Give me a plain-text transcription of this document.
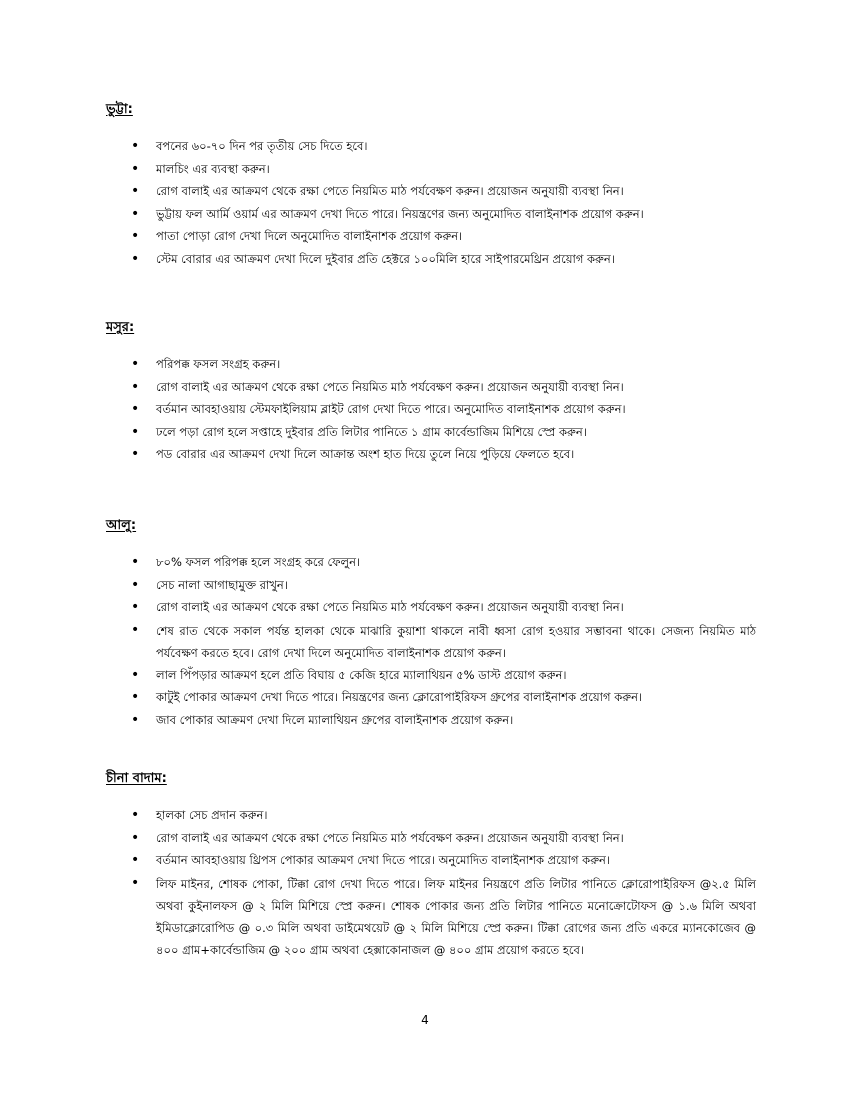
ভুট্টা:
• বপনের ৬০-৭০ দিন পর তৃতীয় সেচ দিতে হবে।
• মালচিং এর ব্যবস্থা করুন।
• রোগ বালাই এর আক্রমণ থেকে রক্ষা পেতে নিয়মিত মাঠ পর্যবেক্ষণ করুন। প্রয়োজন অনুযায়ী ব্যবস্থা নিন।
• ভুট্টায় ফল আর্মি ওয়ার্ম এর আক্রমণ দেখা দিতে পারে। নিয়ন্ত্রণের জন্য অনুমোদিত বালাইনাশক প্রয়োগ করুন।
• পাতা পোড়া রোগ দেখা দিলে অনুমোদিত বালাইনাশক প্রয়োগ করুন।
• স্টেম বোরার এর আক্রমণ দেখা দিলে দুইবার প্রতি হেক্টরে ১০০মিলি হারে সাইপারমেথ্রিন প্রয়োগ করুন।
মসুর:
• পরিপক্ক ফসল সংগ্রহ করুন।
• রোগ বালাই এর আক্রমণ থেকে রক্ষা পেতে নিয়মিত মাঠ পর্যবেক্ষণ করুন। প্রয়োজন অনুযায়ী ব্যবস্থা নিন।
• বর্তমান আবহাওয়ায় স্টেমফাইলিয়াম ব্লাইট রোগ দেখা দিতে পারে। অনুমোদিত বালাইনাশক প্রয়োগ করুন।
• ঢলে পড়া রোগ হলে সপ্তাহে দুইবার প্রতি লিটার পানিতে ১ গ্রাম কার্বেন্ডাজিম মিশিয়ে স্প্রে করুন।
• পড বোরার এর আক্রমণ দেখা দিলে আক্রান্ত অংশ হাত দিয়ে তুলে নিয়ে পুড়িয়ে ফেলতে হবে।
আলু:
• ৮০% ফসল পরিপক্ক হলে সংগ্রহ করে ফেলুন।
• সেচ নালা আগাছামুক্ত রাখুন।
• রোগ বালাই এর আক্রমণ থেকে রক্ষা পেতে নিয়মিত মাঠ পর্যবেক্ষণ করুন। প্রয়োজন অনুযায়ী ব্যবস্থা নিন।
• শেষ রাত থেকে সকাল পর্যন্ত হালকা থেকে মাঝারি কুয়াশা থাকলে নাবী ধ্বসা রোগ হওয়ার সম্ভাবনা থাকে। সেজন্য নিয়মিত মাঠ পর্যবেক্ষণ করতে হবে। রোগ দেখা দিলে অনুমোদিত বালাইনাশক প্রয়োগ করুন।
• লাল পিঁপড়ার আক্রমণ হলে প্রতি বিঘায় ৫ কেজি হারে ম্যালাথিয়ন ৫% ডাস্ট প্রয়োগ করুন।
• কাটুই পোকার আক্রমণ দেখা দিতে পারে। নিয়ন্ত্রণের জন্য ক্লোরোপাইরিফস গ্রুপের বালাইনাশক প্রয়োগ করুন।
• জাব পোকার আক্রমণ দেখা দিলে ম্যালাথিয়ন গ্রুপের বালাইনাশক প্রয়োগ করুন।
চীনা বাদাম:
• হালকা সেচ প্রদান করুন।
• রোগ বালাই এর আক্রমণ থেকে রক্ষা পেতে নিয়মিত মাঠ পর্যবেক্ষণ করুন। প্রয়োজন অনুযায়ী ব্যবস্থা নিন।
• বর্তমান আবহাওয়ায় থ্রিপস পোকার আক্রমণ দেখা দিতে পারে। অনুমোদিত বালাইনাশক প্রয়োগ করুন।
• লিফ মাইনর, শোষক পোকা, টিক্কা রোগ দেখা দিতে পারে। লিফ মাইনর নিয়ন্ত্রণে প্রতি লিটার পানিতে ক্লোরোপাইরিফস @২.৫ মিলি অথবা কুইনালফস @ ২ মিলি মিশিয়ে স্প্রে করুন। শোষক পোকার জন্য প্রতি লিটার পানিতে মনোক্রোটোফস @ ১.৬ মিলি অথবা ইমিডাক্লোরোপিড @ ০.৩ মিলি অথবা ডাইমেথয়েট @ ২ মিলি মিশিয়ে স্প্রে করুন। টিক্কা রোগের জন্য প্রতি একরে ম্যানকোজেব @ ৪০০ গ্রাম+কার্বেন্ডাজিম @ ২০০ গ্রাম অথবা হেক্সাকোনাজল @ ৪০০ গ্রাম প্রয়োগ করতে হবে।
4
